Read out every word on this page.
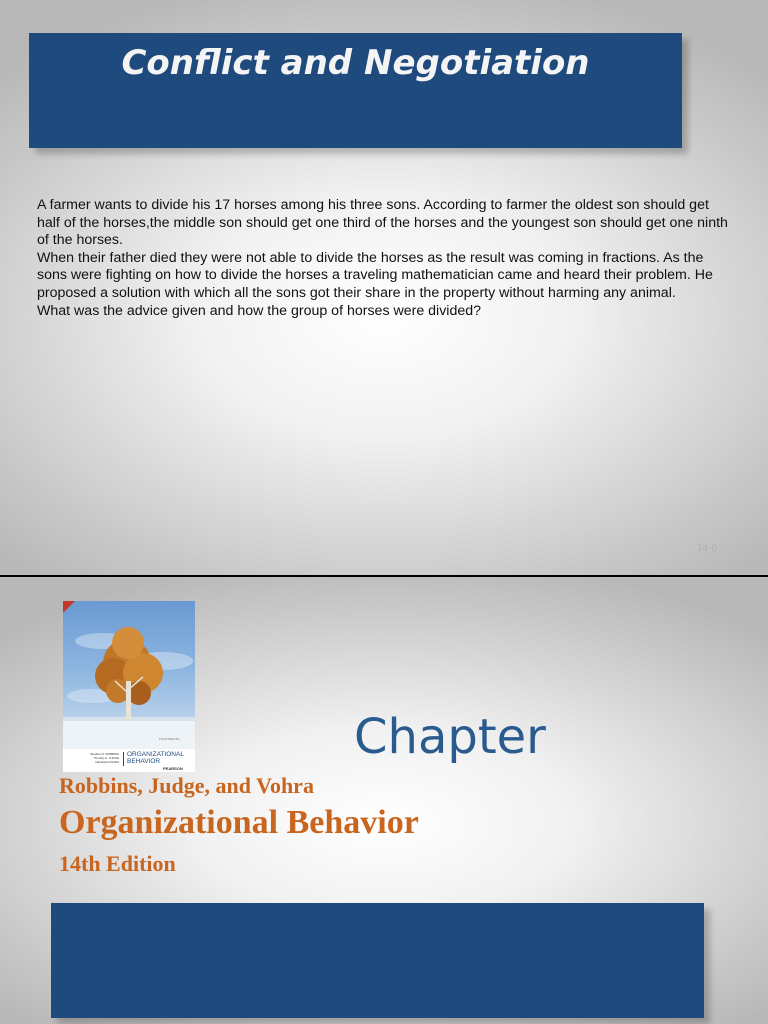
Conflict and Negotiation

A farmer wants to divide his 17 horses among his three sons. According to farmer the oldest son should get half of the horses,the middle son should get one third of the horses and the youngest son should get one ninth of the horses.

When their father died they were not able to divide the horses as the result was coming in fractions. As the sons were fighting on how to divide the horses a traveling mathematician came and heard their problem. He proposed a solution with which all the sons got their share in the property without harming any animal.

What was the advice given and how the group of horses were divided?

14-0
FOURTEENTH
Stephen P. ROBBINS
Timothy A. JUDGE
Neharika VOHRA
ORGANIZATIONAL
BEHAVIOR
PEARSON
Chapter
Robbins, Judge, and Vohra
Organizational Behavior
14th Edition
